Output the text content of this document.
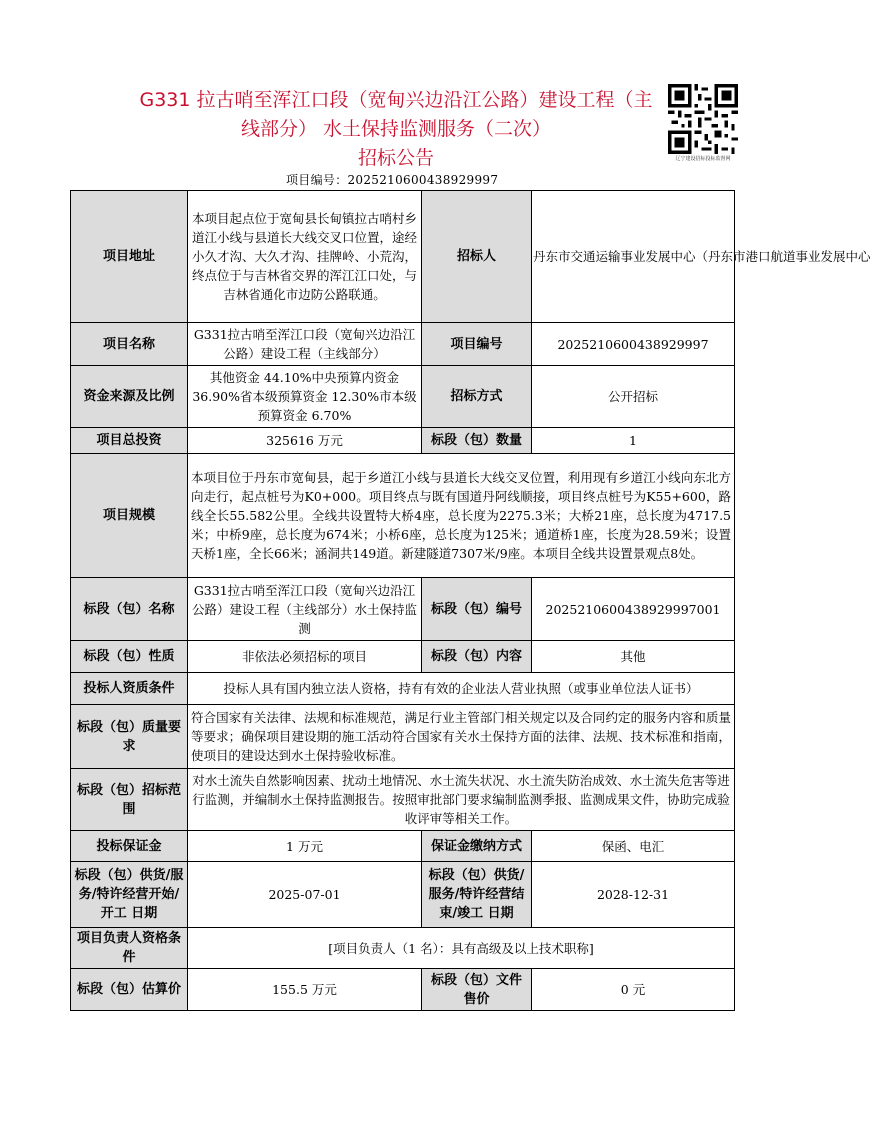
G331 拉古哨至浑江口段（宽甸兴边沿江公路）建设工程（主
线部分） 水土保持监测服务（二次）
招标公告	辽宁建设招标投标监督网
项目编号：2025210600438929997
项目地址	本项目起点位于宽甸县长甸镇拉古哨村乡道江小线与县道长大线交叉口位置，途经小久才沟、大久才沟、挂牌岭、小荒沟，终点位于与吉林省交界的浑江江口处，与吉林省通化市边防公路联通。	招标人	丹东市交通运输事业发展中心（丹东市港口航道事业发展中心
项目名称	G331拉古哨至浑江口段（宽甸兴边沿江公路）建设工程（主线部分）	项目编号	2025210600438929997
资金来源及比例	其他资金 44.10%中央预算内资金 36.90%省本级预算资金 12.30%市本级预算资金 6.70%	招标方式	公开招标
项目总投资	325616 万元	标段（包）数量	1
项目规模	本项目位于丹东市宽甸县，起于乡道江小线与县道长大线交叉位置，利用现有乡道江小线向东北方向走行，起点桩号为K0+000。项目终点与既有国道丹阿线顺接，项目终点桩号为K55+600，路线全长55.582公里。全线共设置特大桥4座，总长度为2275.3米；大桥21座，总长度为4717.5米；中桥9座，总长度为674米；小桥6座，总长度为125米；通道桥1座，长度为28.59米；设置天桥1座，全长66米；涵洞共149道。新建隧道7307米/9座。本项目全线共设置景观点8处。		
标段（包）名称	G331拉古哨至浑江口段（宽甸兴边沿江公路）建设工程（主线部分）水土保持监测	标段（包）编号	2025210600438929997001
标段（包）性质	非依法必须招标的项目	标段（包）内容	其他
投标人资质条件	投标人具有国内独立法人资格，持有有效的企业法人营业执照（或事业单位法人证书）		
标段（包）质量要求	符合国家有关法律、法规和标准规范，满足行业主管部门相关规定以及合同约定的服务内容和质量等要求；确保项目建设期的施工活动符合国家有关水土保持方面的法律、法规、技术标准和指南，使项目的建设达到水土保持验收标准。		
标段（包）招标范围	对水土流失自然影响因素、扰动土地情况、水土流失状况、水土流失防治成效、水土流失危害等进行监测，并编制水土保持监测报告。按照审批部门要求编制监测季报、监测成果文件，协助完成验收评审等相关工作。		
投标保证金	1 万元	保证金缴纳方式	保函、电汇
标段（包）供货/服务/特许经营开始/开工 日期	2025-07-01	标段（包）供货/服务/特许经营结束/竣工 日期	2028-12-31
项目负责人资格条件	[项目负责人（1 名）：具有高级及以上技术职称]		
标段（包）估算价	155.5 万元	标段（包）文件售价	0 元
